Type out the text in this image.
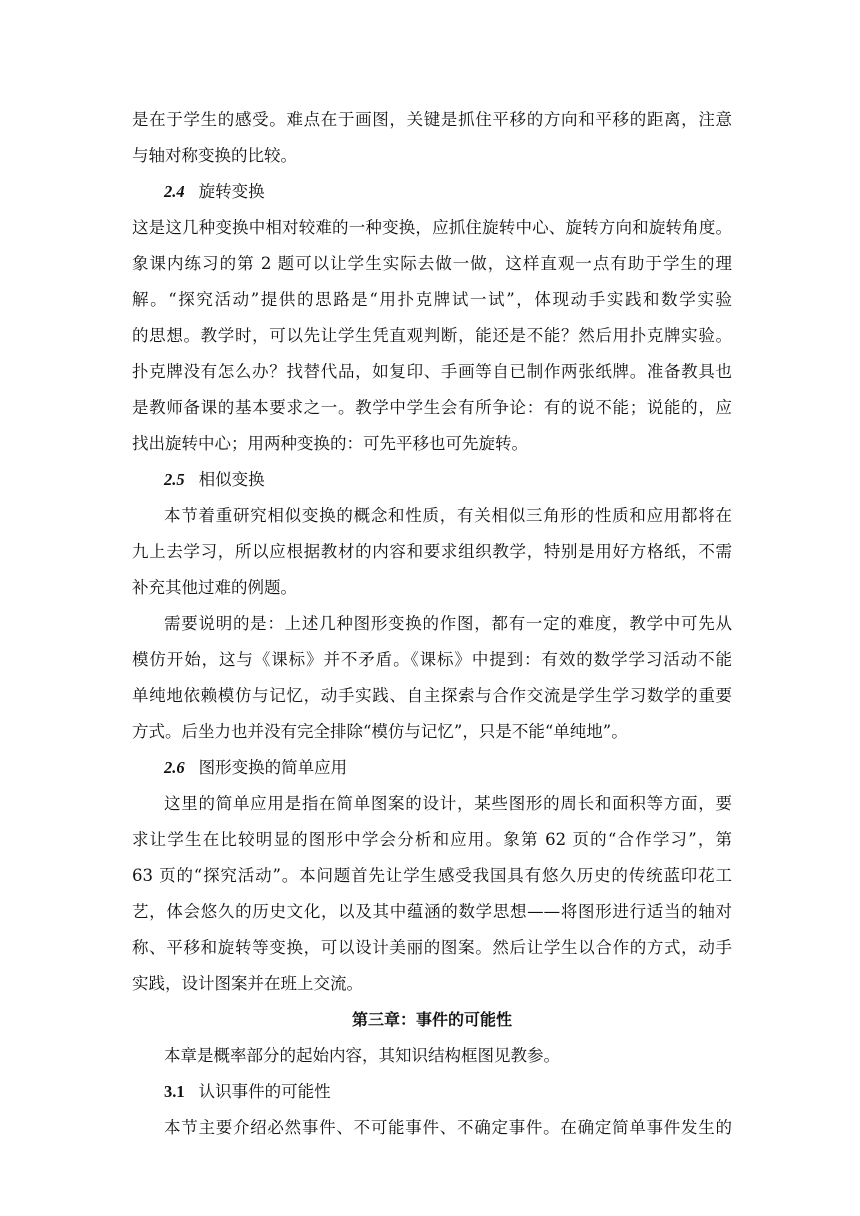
是在于学生的感受。难点在于画图，关键是抓住平移的方向和平移的距离，注意
与轴对称变换的比较。
2.4 旋转变换
这是这几种变换中相对较难的一种变换，应抓住旋转中心、旋转方向和旋转角度。
象课内练习的第 2 题可以让学生实际去做一做，这样直观一点有助于学生的理
解。“探究活动”提供的思路是“用扑克牌试一试”，体现动手实践和数学实验
的思想。教学时，可以先让学生凭直观判断，能还是不能？然后用扑克牌实验。
扑克牌没有怎么办？找替代品，如复印、手画等自已制作两张纸牌。准备教具也
是教师备课的基本要求之一。教学中学生会有所争论：有的说不能；说能的，应
找出旋转中心；用两种变换的：可先平移也可先旋转。
2.5 相似变换
本节着重研究相似变换的概念和性质，有关相似三角形的性质和应用都将在
九上去学习，所以应根据教材的内容和要求组织教学，特别是用好方格纸，不需
补充其他过难的例题。
需要说明的是：上述几种图形变换的作图，都有一定的难度，教学中可先从
模仿开始，这与《课标》并不矛盾。《课标》中提到：有效的数学学习活动不能
单纯地依赖模仿与记忆，动手实践、自主探索与合作交流是学生学习数学的重要
方式。后坐力也并没有完全排除“模仿与记忆”，只是不能“单纯地”。
2.6 图形变换的简单应用
这里的简单应用是指在简单图案的设计，某些图形的周长和面积等方面，要
求让学生在比较明显的图形中学会分析和应用。象第 62 页的“合作学习”，第
63 页的“探究活动”。本问题首先让学生感受我国具有悠久历史的传统蓝印花工
艺，体会悠久的历史文化，以及其中蕴涵的数学思想——将图形进行适当的轴对
称、平移和旋转等变换，可以设计美丽的图案。然后让学生以合作的方式，动手
实践，设计图案并在班上交流。
第三章：事件的可能性
本章是概率部分的起始内容，其知识结构框图见教参。
3.1 认识事件的可能性
本节主要介绍必然事件、不可能事件、不确定事件。在确定简单事件发生的
